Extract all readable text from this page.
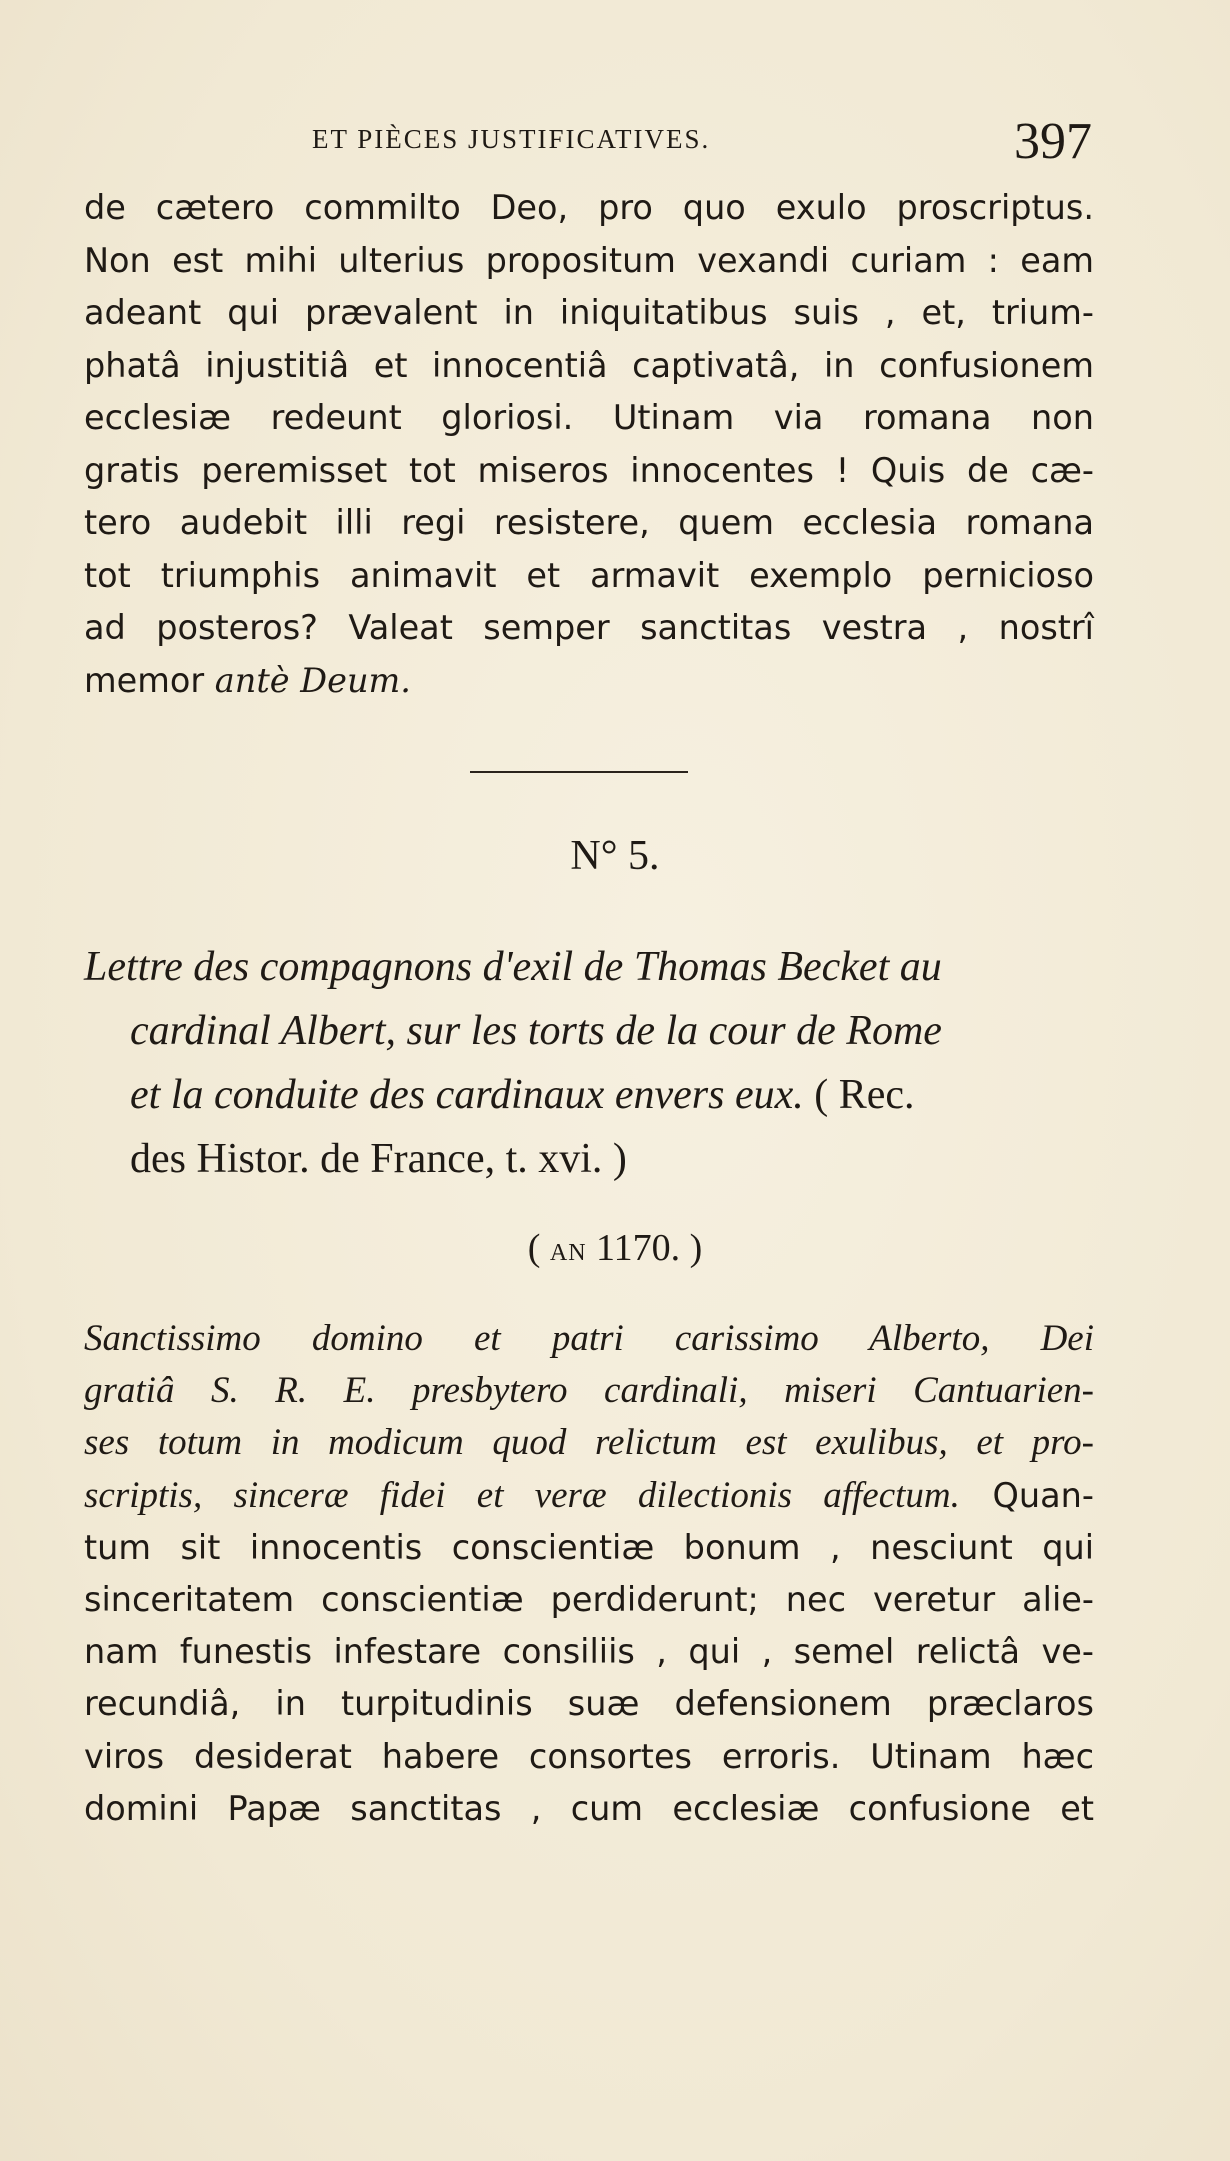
ET PIÈCES JUSTIFICATIVES.	397
de cætero commilto Deo, pro quo exulo proscriptus.
Non est mihi ulterius propositum vexandi curiam : eam
adeant qui prævalent in iniquitatibus suis , et, trium-
phatâ injustitiâ et innocentiâ captivatâ, in confusionem
ecclesiæ redeunt gloriosi. Utinam via romana non
gratis peremisset tot miseros innocentes ! Quis de cæ-
tero audebit illi regi resistere, quem ecclesia romana
tot triumphis animavit et armavit exemplo pernicioso
ad posteros? Valeat semper sanctitas vestra , nostrî
memor antè Deum.
N° 5.
Lettre des compagnons d'exil de Thomas Becket au
cardinal Albert, sur les torts de la cour de Rome
et la conduite des cardinaux envers eux. ( Rec.
des Histor. de France, t. xvi. )
( AN 1170. )
Sanctissimo domino et patri carissimo Alberto, Dei
gratiâ S. R. E. presbytero cardinali, miseri Cantuarien-
ses totum in modicum quod relictum est exulibus, et pro-
scriptis, sinceræ fidei et veræ dilectionis affectum. Quan-
tum sit innocentis conscientiæ bonum , nesciunt qui
sinceritatem conscientiæ perdiderunt; nec veretur alie-
nam funestis infestare consiliis , qui , semel relictâ ve-
recundiâ, in turpitudinis suæ defensionem præclaros
viros desiderat habere consortes erroris. Utinam hæc
domini Papæ sanctitas , cum ecclesiæ confusione et
